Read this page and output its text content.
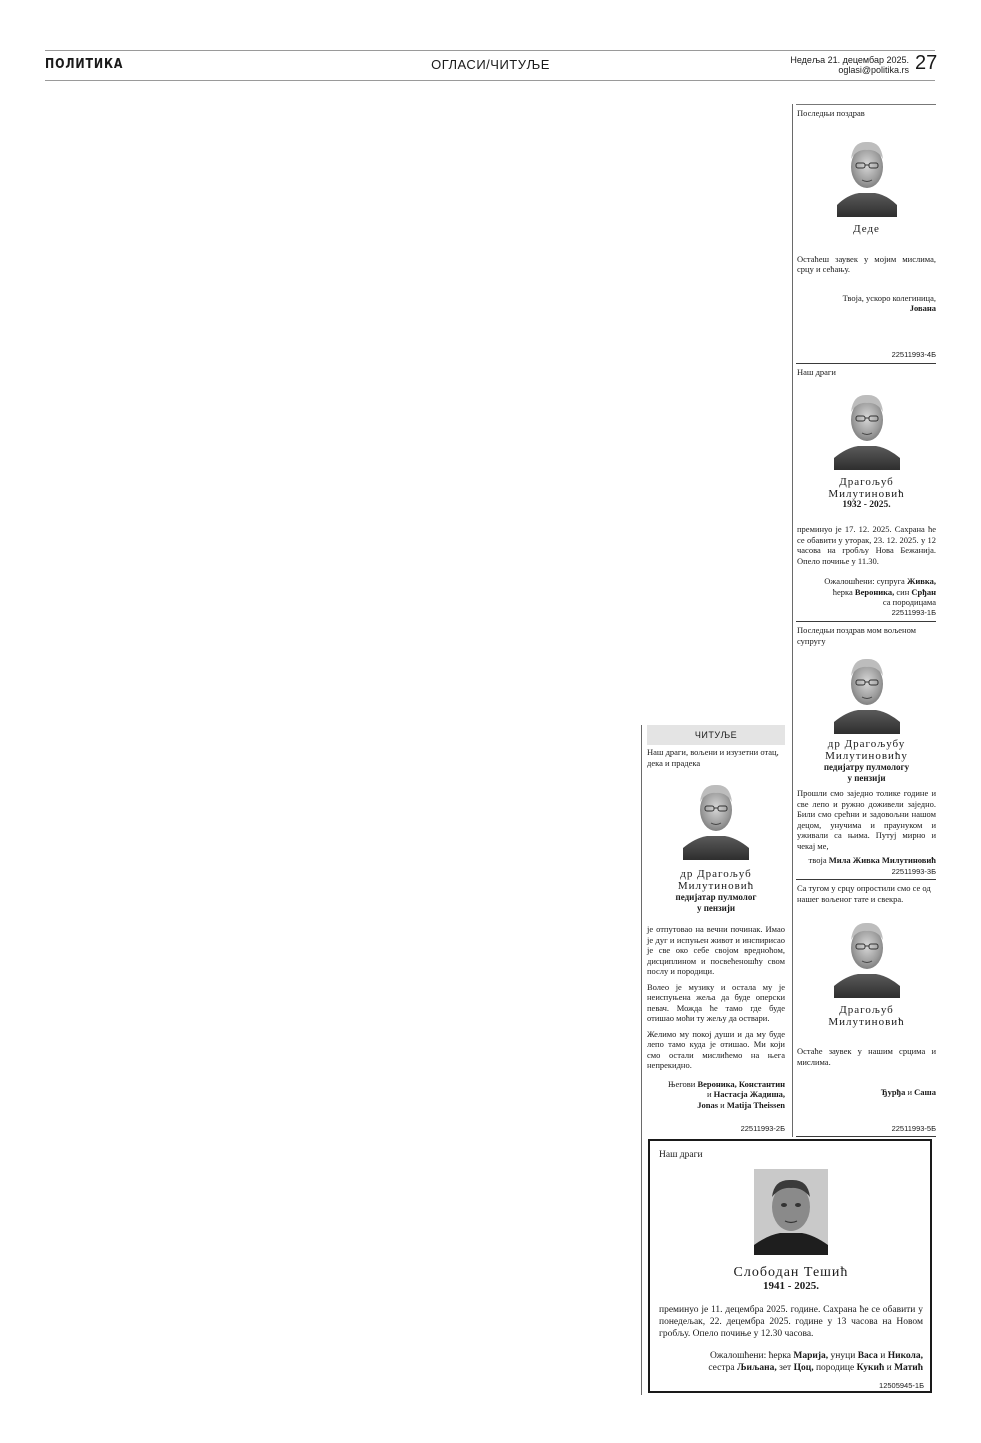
ПОЛИТИКА	ОГЛАСИ/ЧИТУЉЕ	Недеља 21. децембар 2025.
oglasi@politika.rs 27

Последњи поздрав

Деде

Остаћеш заувек у мојим мислима, срцу и сећању.

Твоја, ускоро колегиница,

Јована

22511993-4Б

Наш драги

Драгољуб
Милутиновић
1932 - 2025.

преминуо је 17. 12. 2025. Сахрана ће се обавити у уторак, 23. 12. 2025. у 12 часова на гробљу Нова Бежанија. Опело почиње у 11.30.

Ожалошћени: супруга Живка,
ћерка Вероника, син Срђан
са породицама

22511993-1Б

Последњи поздрав мом вољеном супругу

др Драгољубу
Милутиновићу
педијатру пулмологу
у пензији

Прошли смо заједно толике године и све лепо и ружно доживели заједно. Били смо срећни и задовољни нашом децом, унучима и праунуком и уживали са њима. Путуј мирно и чекај ме,

твоја Мила Живка Милутиновић

22511993-3Б

Са тугом у срцу опростили смо се од нашег вољеног тате и свекра.

Драгољуб
Милутиновић

Остаће заувек у нашим срцима и мислима.

Ђурђа и Саша

22511993-5Б
ЧИТУЉЕ

Наш драги, вољени и изузетни отац, дека и прадека

др Драгољуб
Милутиновић
педијатар пулмолог
у пензији

је отпутовао на вечни починак. Имао је дуг и испуњен живот и инспирисао је све око себе својом вредноћом, дисциплином и посвећеношћу свом послу и породици.

Волео је музику и остала му је неиспуњена жеља да буде оперски певач. Можда ће тамо где буде отишао моћи ту жељу да оствари.

Желимо му покој души и да му буде лепо тамо куда је отишао. Ми који смо остали мислићемо на њега непрекидно.

Његови Вероника, Константин
и Настасја Жадиша,
Jonas и Matija Theissen

22511993-2Б

Наш драги

Слободан Тешић
1941 - 2025.

преминуо је 11. децембра 2025. године. Сахрана ће се обавити у понедељак, 22. децембра 2025. године у 13 часова на Новом гробљу. Опело почиње у 12.30 часова.

Ожалошћени: ћерка Марија, унуци Васа и Никола,
сестра Љиљана, зет Цоц, породице Кукић и Матић

12505945-1Б
